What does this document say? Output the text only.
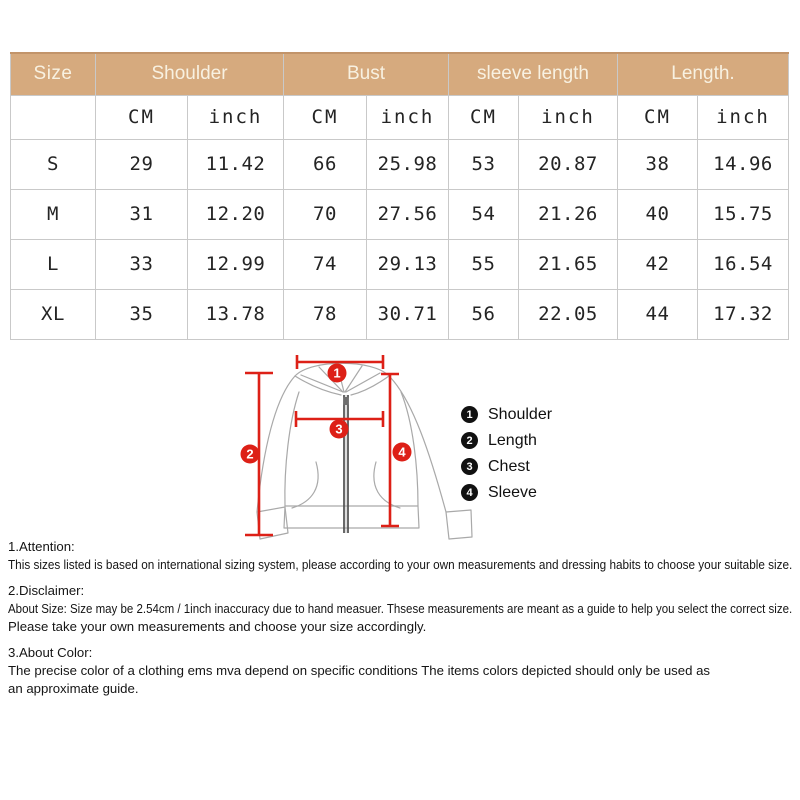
Size	Shoulder		Bust		sleeve length		Length.	
	CM	inch	CM	inch	CM	inch	CM	inch
S	29	11.42	66	25.98	53	20.87	38	14.96
M	31	12.20	70	27.56	54	21.26	40	15.75
L	33	12.99	74	29.13	55	21.65	42	16.54
XL	35	13.78	78	30.71	56	22.05	44	17.32
1
2
3
4
1 Shoulder
2 Length
3 Chest
4 Sleeve
1.Attention:
This sizes listed is based on international sizing system, please according to your own measurements and dressing habits to choose your suitable size.
2.Disclaimer:
About Size: Size may be 2.54cm / 1inch inaccuracy due to hand measuer. Thsese measurements are meant as a guide to help you select the correct size.
Please take your own measurements and choose your size accordingly.
3.About Color:
The precise color of a clothing ems mva depend on specific conditions The items colors depicted should only be used as
an approximate guide.
